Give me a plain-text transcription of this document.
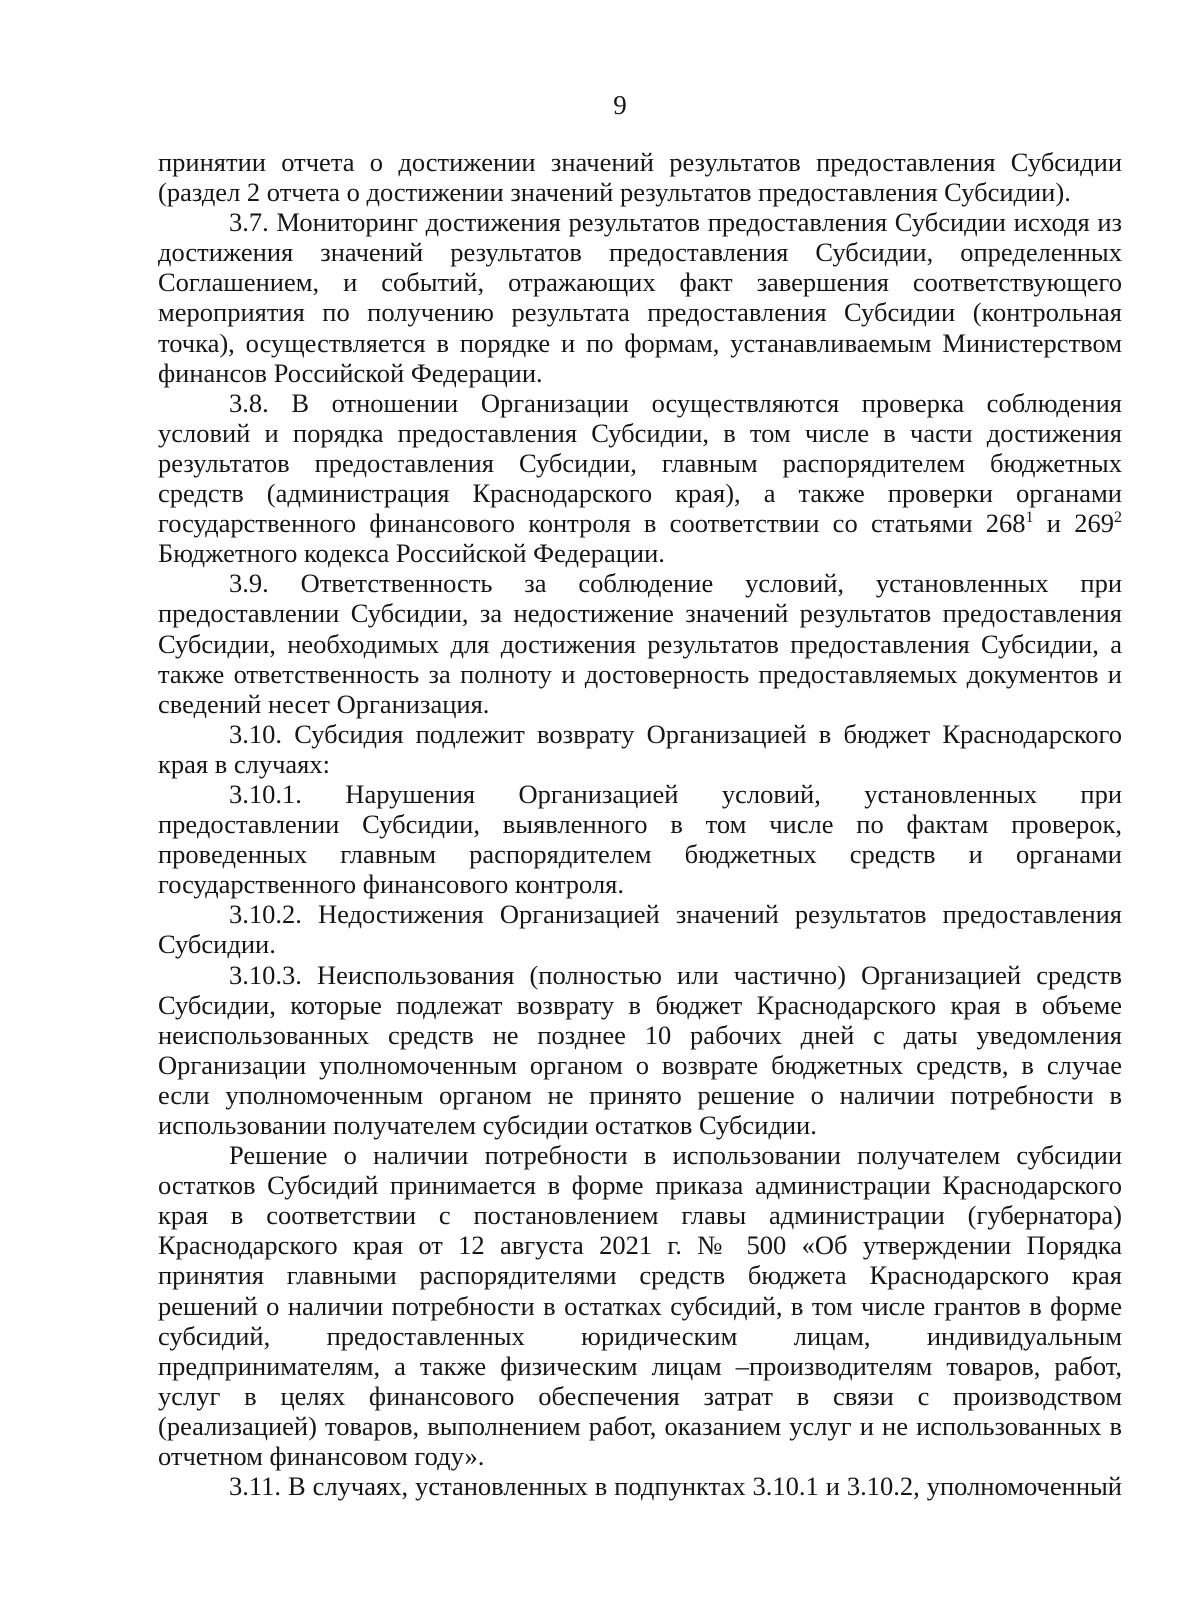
9

принятии отчета о достижении значений результатов предоставления Субсидии (раздел 2 отчета о достижении значений результатов предоставления Субсидии).

3.7. Мониторинг достижения результатов предоставления Субсидии исходя из достижения значений результатов предоставления Субсидии, определенных Соглашением, и событий, отражающих факт завершения соответствующего мероприятия по получению результата предоставления Субсидии (контрольная точка), осуществляется в порядке и по формам, устанавливаемым Министерством финансов Российской Федерации.

3.8. В отношении Организации осуществляются проверка соблюдения условий и порядка предоставления Субсидии, в том числе в части достижения результатов предоставления Субсидии, главным распорядителем бюджетных средств (администрация Краснодарского края), а также проверки органами государственного финансового контроля в соответствии со статьями $268^1$ и $269^2$ Бюджетного кодекса Российской Федерации.

3.9. Ответственность за соблюдение условий, установленных при предоставлении Субсидии, за недостижение значений результатов предоставления Субсидии, необходимых для достижения результатов предоставления Субсидии, а также ответственность за полноту и достоверность предоставляемых документов и сведений несет Организация.

3.10. Субсидия подлежит возврату Организацией в бюджет Краснодарского края в случаях:

3.10.1. Нарушения Организацией условий, установленных при предоставлении Субсидии, выявленного в том числе по фактам проверок, проведенных главным распорядителем бюджетных средств и органами государственного финансового контроля.

3.10.2. Недостижения Организацией значений результатов предоставления Субсидии.

3.10.3. Неиспользования (полностью или частично) Организацией средств Субсидии, которые подлежат возврату в бюджет Краснодарского края в объеме неиспользованных средств не позднее 10 рабочих дней с даты уведомления Организации уполномоченным органом о возврате бюджетных средств, в случае если уполномоченным органом не принято решение о наличии потребности в использовании получателем субсидии остатков Субсидии.

Решение о наличии потребности в использовании получателем субсидии остатков Субсидий принимается в форме приказа администрации Краснодарского края в соответствии с постановлением главы администрации (губернатора) Краснодарского края от 12 августа 2021 г. № 500 «Об утверждении Порядка принятия главными распорядителями средств бюджета Краснодарского края решений о наличии потребности в остатках субсидий, в том числе грантов в форме субсидий, предоставленных юридическим лицам, индивидуальным предпринимателям, а также физическим лицам –производителям товаров, работ, услуг в целях финансового обеспечения затрат в связи с производством (реализацией) товаров, выполнением работ, оказанием услуг и не использованных в отчетном финансовом году».

3.11. В случаях, установленных в подпунктах 3.10.1 и 3.10.2, уполномоченный
